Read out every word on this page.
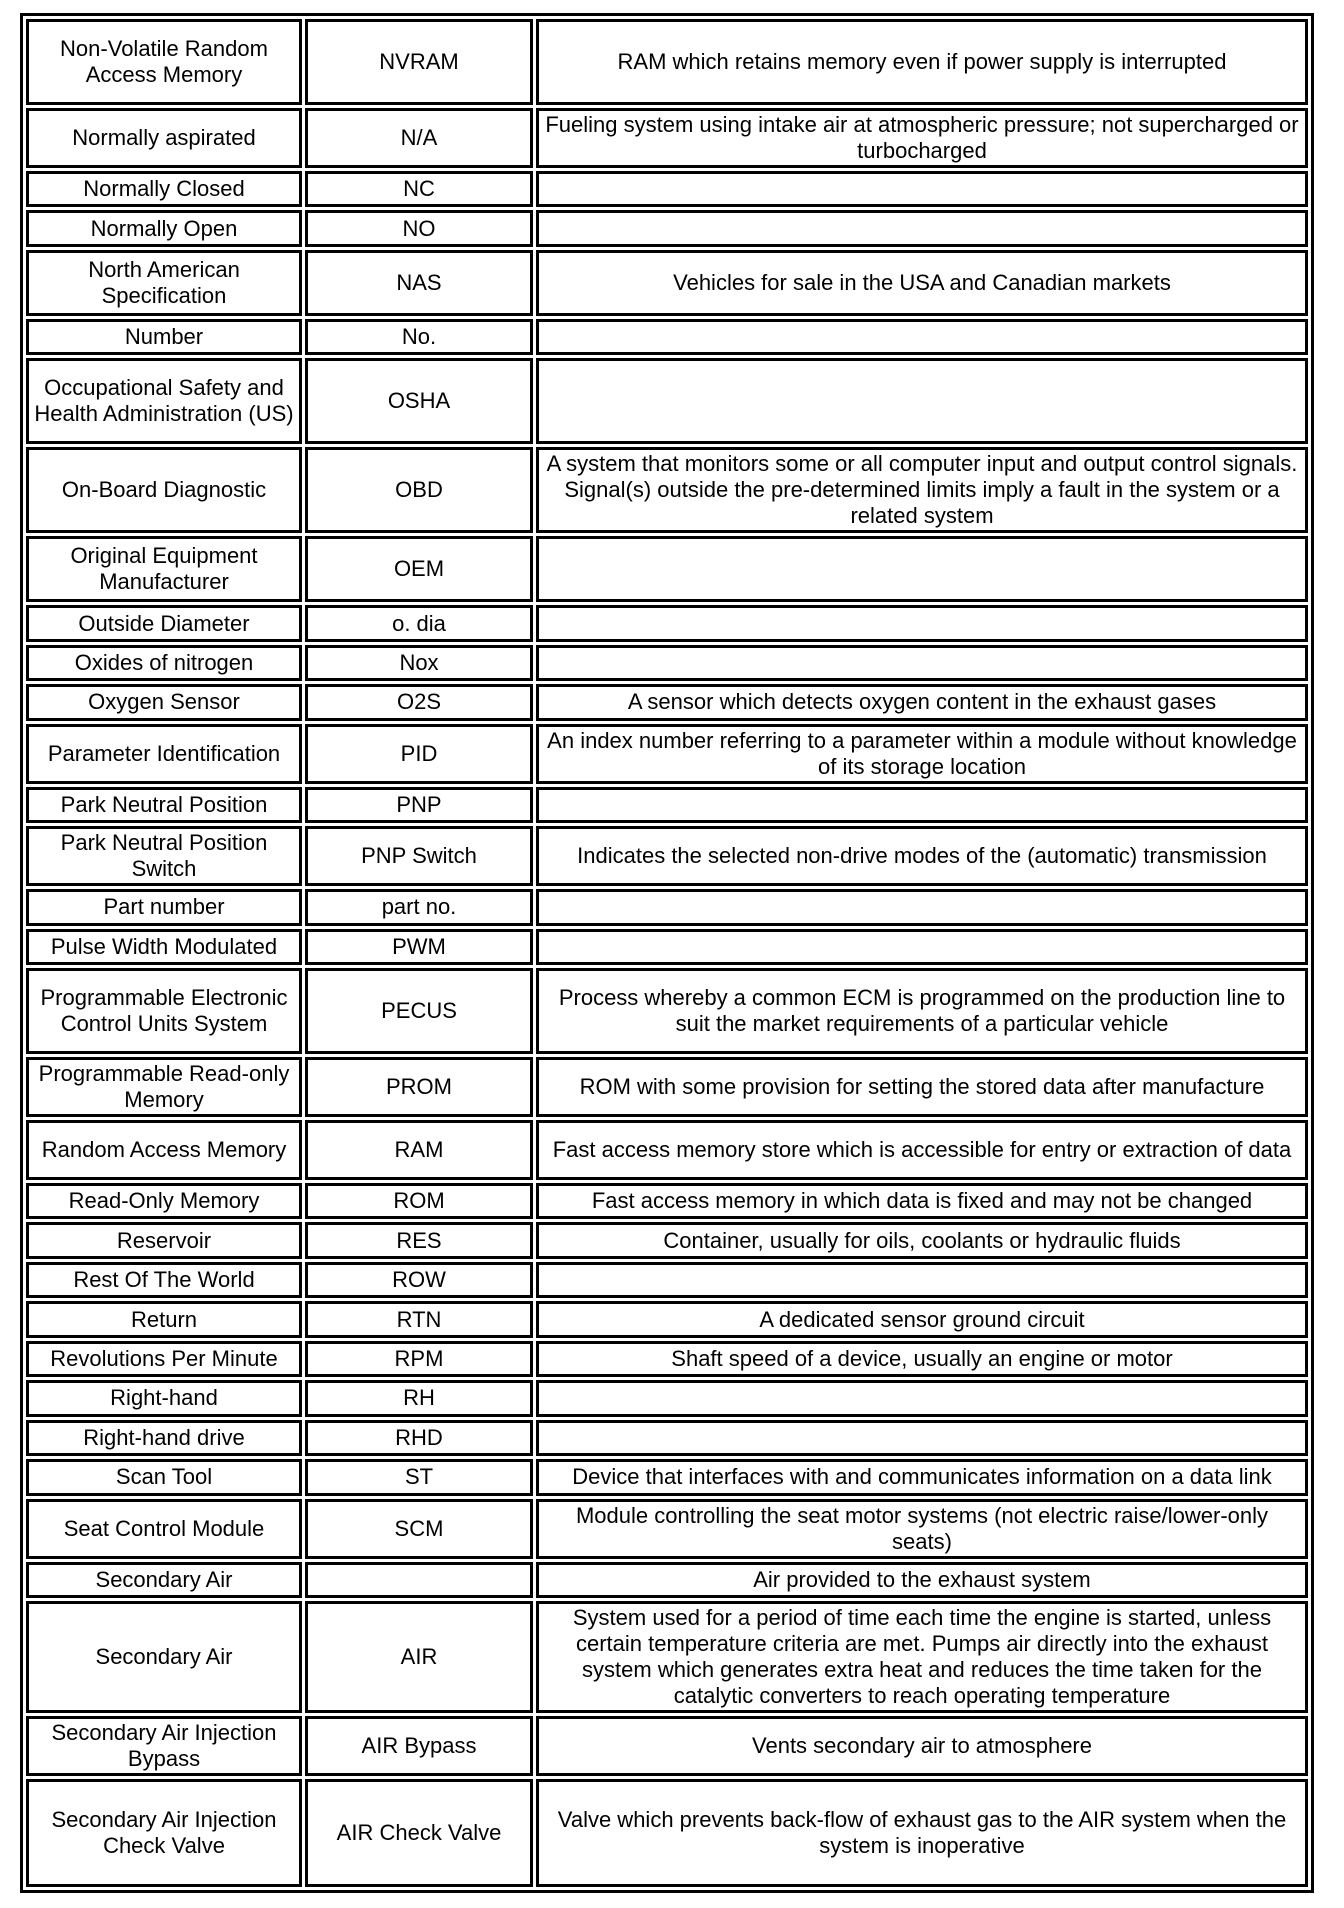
Non-Volatile Random Access Memory	NVRAM	RAM which retains memory even if power supply is interrupted
Normally aspirated	N/A	Fueling system using intake air at atmospheric pressure; not supercharged or turbocharged
Normally Closed	NC	
Normally Open	NO	
North American Specification	NAS	Vehicles for sale in the USA and Canadian markets
Number	No.	
Occupational Safety and Health Administration (US)	OSHA	
On-Board Diagnostic	OBD	A system that monitors some or all computer input and output control signals. Signal(s) outside the pre-determined limits imply a fault in the system or a related system
Original Equipment Manufacturer	OEM	
Outside Diameter	o. dia	
Oxides of nitrogen	Nox	
Oxygen Sensor	O2S	A sensor which detects oxygen content in the exhaust gases
Parameter Identification	PID	An index number referring to a parameter within a module without knowledge of its storage location
Park Neutral Position	PNP	
Park Neutral Position Switch	PNP Switch	Indicates the selected non-drive modes of the (automatic) transmission
Part number	part no.	
Pulse Width Modulated	PWM	
Programmable Electronic Control Units System	PECUS	Process whereby a common ECM is programmed on the production line to suit the market requirements of a particular vehicle
Programmable Read-only Memory	PROM	ROM with some provision for setting the stored data after manufacture
Random Access Memory	RAM	Fast access memory store which is accessible for entry or extraction of data
Read-Only Memory	ROM	Fast access memory in which data is fixed and may not be changed
Reservoir	RES	Container, usually for oils, coolants or hydraulic fluids
Rest Of The World	ROW	
Return	RTN	A dedicated sensor ground circuit
Revolutions Per Minute	RPM	Shaft speed of a device, usually an engine or motor
Right-hand	RH	
Right-hand drive	RHD	
Scan Tool	ST	Device that interfaces with and communicates information on a data link
Seat Control Module	SCM	Module controlling the seat motor systems (not electric raise/lower-only seats)
Secondary Air		Air provided to the exhaust system
Secondary Air	AIR	System used for a period of time each time the engine is started, unless certain temperature criteria are met. Pumps air directly into the exhaust system which generates extra heat and reduces the time taken for the catalytic converters to reach operating temperature
Secondary Air Injection Bypass	AIR Bypass	Vents secondary air to atmosphere
Secondary Air Injection Check Valve	AIR Check Valve	Valve which prevents back-flow of exhaust gas to the AIR system when the system is inoperative
